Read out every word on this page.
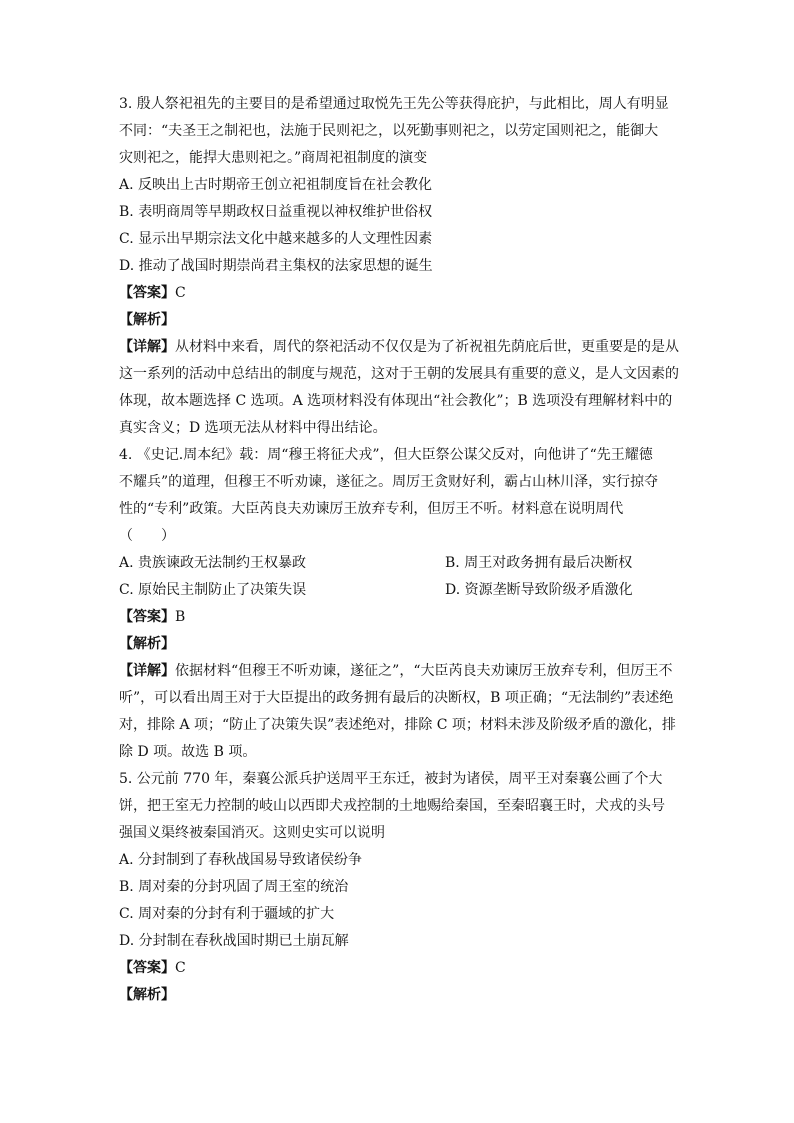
3. 殷人祭祀祖先的主要目的是希望通过取悦先王先公等获得庇护，与此相比，周人有明显
不同：“夫圣王之制祀也，法施于民则祀之，以死勤事则祀之，以劳定国则祀之，能御大
灾则祀之，能捍大患则祀之。”商周祀祖制度的演变
A. 反映出上古时期帝王创立祀祖制度旨在社会教化
B. 表明商周等早期政权日益重视以神权维护世俗权
C. 显示出早期宗法文化中越来越多的人文理性因素
D. 推动了战国时期崇尚君主集权的法家思想的诞生
【答案】C
【解析】
【详解】从材料中来看，周代的祭祀活动不仅仅是为了祈祝祖先荫庇后世，更重要是的是从
这一系列的活动中总结出的制度与规范，这对于王朝的发展具有重要的意义，是人文因素的
体现，故本题选择 C 选项。A 选项材料没有体现出“社会教化”；B 选项没有理解材料中的
真实含义；D 选项无法从材料中得出结论。
4. 《史记.周本纪》载：周“穆王将征犬戎”，但大臣祭公谋父反对，向他讲了“先王耀德
不耀兵”的道理，但穆王不听劝谏，遂征之。周厉王贪财好利，霸占山林川泽，实行掠夺
性的“专利”政策。大臣芮良夫劝谏厉王放弃专利，但厉王不听。材料意在说明周代
（　　）
A. 贵族谏政无法制约王权暴政	B. 周王对政务拥有最后决断权
C. 原始民主制防止了决策失误	D. 资源垄断导致阶级矛盾激化
【答案】B
【解析】
【详解】依据材料“但穆王不听劝谏，遂征之”，“大臣芮良夫劝谏厉王放弃专利，但厉王不
听”，可以看出周王对于大臣提出的政务拥有最后的决断权，B 项正确；“无法制约”表述绝
对，排除 A 项；“防止了决策失误”表述绝对，排除 C 项；材料未涉及阶级矛盾的激化，排
除 D 项。故选 B 项。
5. 公元前 770 年，秦襄公派兵护送周平王东迁，被封为诸侯，周平王对秦襄公画了个大
饼，把王室无力控制的岐山以西即犬戎控制的土地赐给秦国，至秦昭襄王时，犬戎的头号
强国义渠终被秦国消灭。这则史实可以说明
A. 分封制到了春秋战国易导致诸侯纷争
B. 周对秦的分封巩固了周王室的统治
C. 周对秦的分封有利于疆域的扩大
D. 分封制在春秋战国时期已土崩瓦解
【答案】C
【解析】
